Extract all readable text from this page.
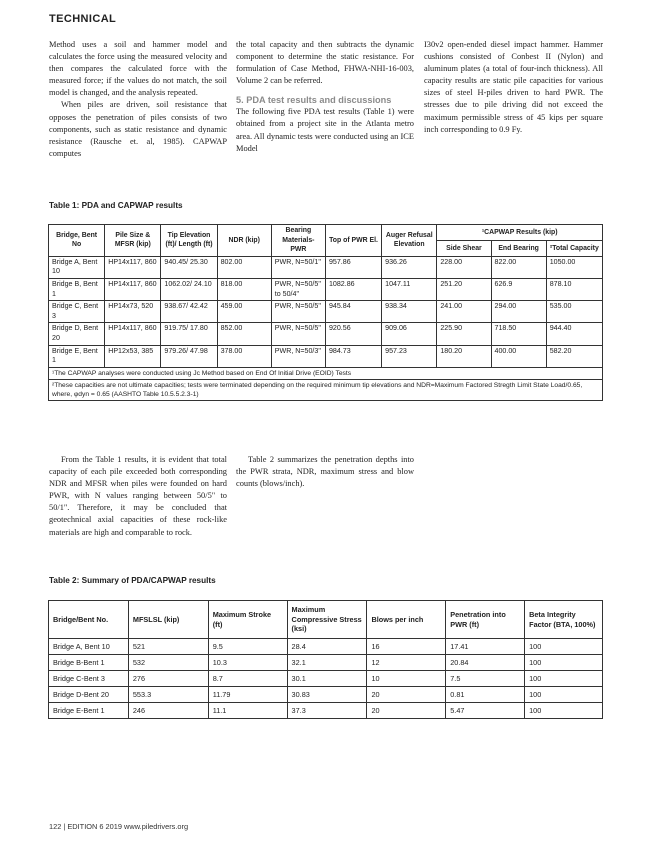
TECHNICAL

Method uses a soil and hammer model and calculates the force using the measured velocity and then compares the calculated force with the measured force; if the values do not match, the soil model is changed, and the analysis repeated.

When piles are driven, soil resistance that opposes the penetration of piles consists of two components, such as static resistance and dynamic resistance (Rausche et. al, 1985). CAPWAP computes

the total capacity and then subtracts the dynamic component to determine the static resistance. For formulation of Case Method, FHWA-NHI-16-003, Volume 2 can be referred.

5. PDA test results and discussions

The following five PDA test results (Table 1) were obtained from a project site in the Atlanta metro area. All dynamic tests were conducted using an ICE Model

I30v2 open-ended diesel impact hammer. Hammer cushions consisted of Conbest II (Nylon) and aluminum plates (a total of four-inch thickness). All capacity results are static pile capacities for various sizes of steel H-piles driven to hard PWR. The stresses due to pile driving did not exceed the maximum permissible stress of 45 kips per square inch corresponding to 0.9 Fy.

Table 1: PDA and CAPWAP results
Bridge, Bent No	Pile Size & MFSR (kip)	Tip Elevation (ft)/ Length (ft)	NDR (kip)	Bearing Materials-PWR	Top of PWR El.	Auger Refusal Elevation	¹CAPWAP Results (kip)		
							Side Shear	End Bearing	²Total Capacity
Bridge A, Bent 10	HP14x117, 860	940.45/ 25.30	802.00	PWR, N=50/1"	957.86	936.26	228.00	822.00	1050.00
Bridge B, Bent 1	HP14x117, 860	1062.02/ 24.10	818.00	PWR, N=50/5" to 50/4"	1082.86	1047.11	251.20	626.9	878.10
Bridge C, Bent 3	HP14x73, 520	938.67/ 42.42	459.00	PWR, N=50/5"	945.84	938.34	241.00	294.00	535.00
Bridge D, Bent 20	HP14x117, 860	919.75/ 17.80	852.00	PWR, N=50/5"	920.56	909.06	225.90	718.50	944.40
Bridge E, Bent 1	HP12x53, 385	979.26/ 47.98	378.00	PWR, N=50/3"	984.73	957.23	180.20	400.00	582.20
¹The CAPWAP analyses were conducted using Jc Method based on End Of Initial Drive (EOID) Tests									
²These capacities are not ultimate capacities; tests were terminated depending on the required minimum tip elevations and NDR=Maximum Factored Stregth Limit State Load/0.65, where, φdyn = 0.65 (AASHTO Table 10.5.5.2.3-1)									

From the Table 1 results, it is evident that total capacity of each pile exceeded both corresponding NDR and MFSR when piles were founded on hard PWR, with N values ranging between 50/5" to 50/1". Therefore, it may be concluded that geotechnical axial capacities of these rock-like materials are high and comparable to rock.

Table 2 summarizes the penetration depths into the PWR strata, NDR, maximum stress and blow counts (blows/inch).

Table 2: Summary of PDA/CAPWAP results
Bridge/Bent No.	MFSLSL (kip)	Maximum Stroke (ft)	Maximum Compressive Stress (ksi)	Blows per inch	Penetration into PWR (ft)	Beta Integrity Factor (BTA, 100%)
Bridge A, Bent 10	521	9.5	28.4	16	17.41	100
Bridge B-Bent 1	532	10.3	32.1	12	20.84	100
Bridge C-Bent 3	276	8.7	30.1	10	7.5	100
Bridge D-Bent 20	553.3	11.79	30.83	20	0.81	100
Bridge E-Bent 1	246	11.1	37.3	20	5.47	100
122 | EDITION 6 2019 www.piledrivers.org
